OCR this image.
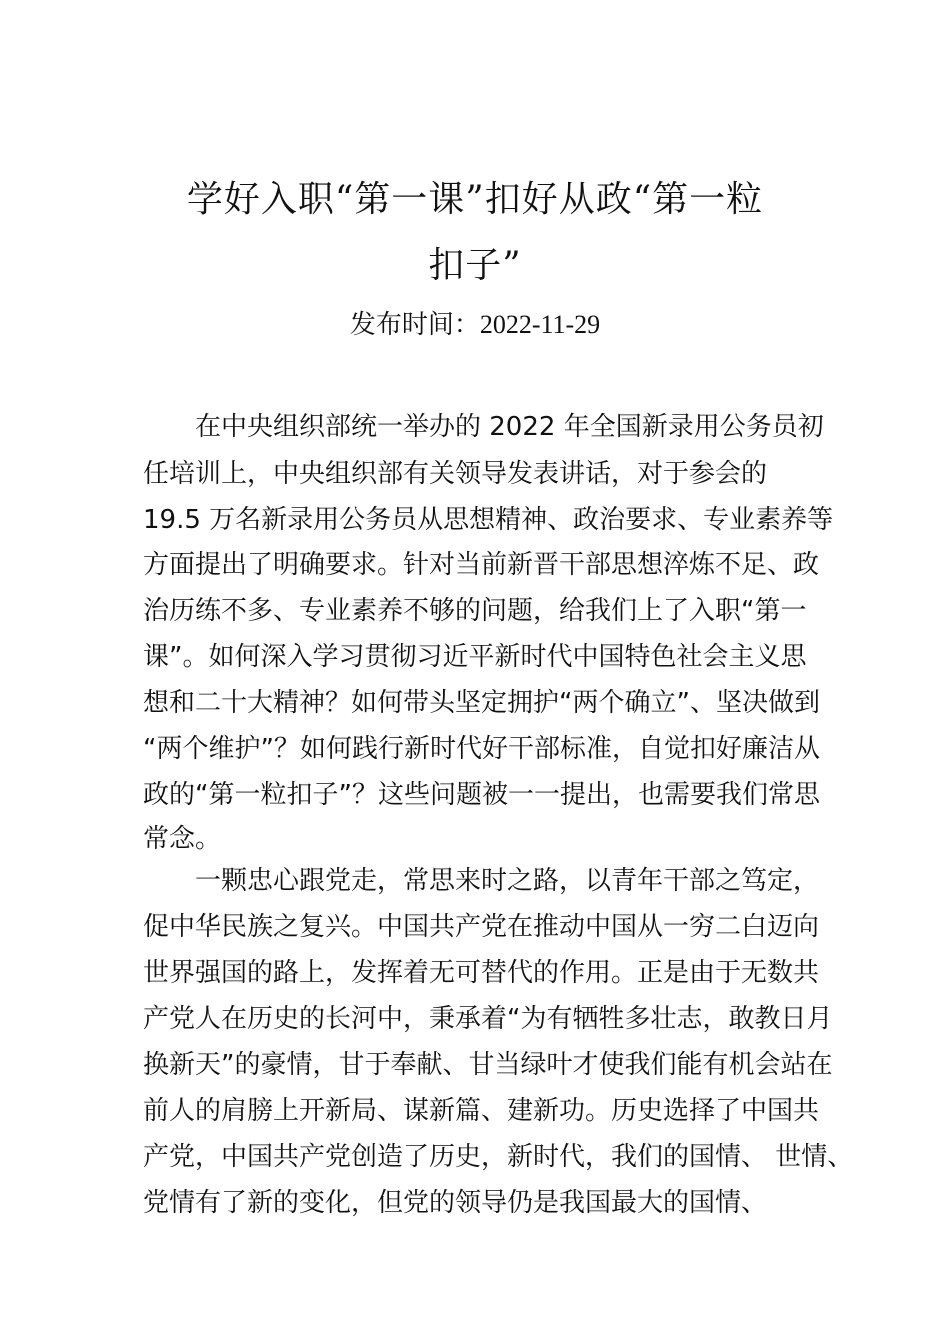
学好入职“第一课”扣好从政“第一粒
扣子”
发布时间：2022-11-29

在中央组织部统一举办的 2022 年全国新录用公务员初

任培训上，中央组织部有关领导发表讲话，对于参会的

19.5 万名新录用公务员从思想精神、政治要求、专业素养等

方面提出了明确要求。针对当前新晋干部思想淬炼不足、政

治历练不多、专业素养不够的问题，给我们上了入职“第一

课”。如何深入学习贯彻习近平新时代中国特色社会主义思

想和二十大精神？如何带头坚定拥护“两个确立”、坚决做到

“两个维护”？如何践行新时代好干部标准，自觉扣好廉洁从

政的“第一粒扣子”？这些问题被一一提出，也需要我们常思

常念。

一颗忠心跟党走，常思来时之路，以青年干部之笃定，

促中华民族之复兴。中国共产党在推动中国从一穷二白迈向

世界强国的路上，发挥着无可替代的作用。正是由于无数共

产党人在历史的长河中，秉承着“为有牺牲多壮志，敢教日月

换新天”的豪情，甘于奉献、甘当绿叶才使我们能有机会站在

前人的肩膀上开新局、谋新篇、建新功。历史选择了中国共

产党，中国共产党创造了历史，新时代，我们的国情、 世情、

党情有了新的变化，但党的领导仍是我国最大的国情、
